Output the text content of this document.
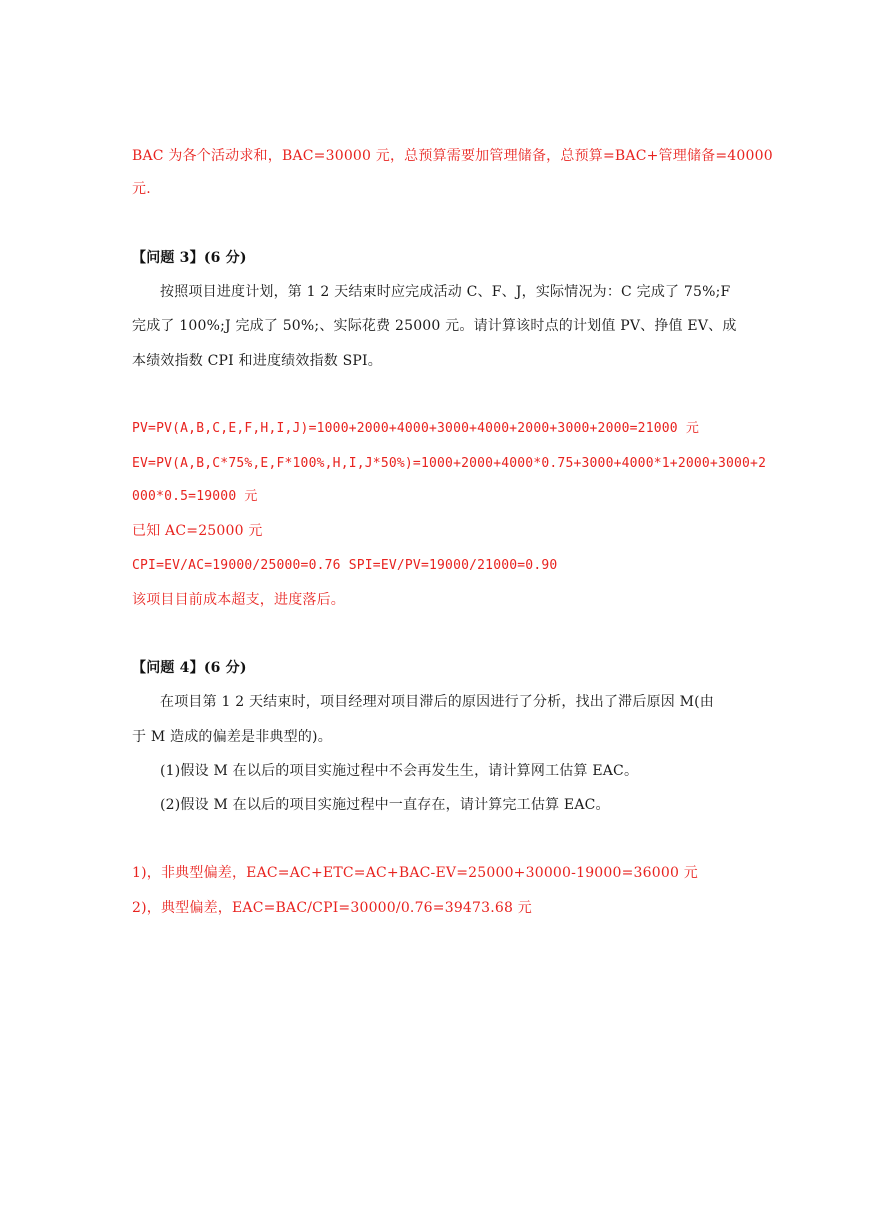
BAC 为各个活动求和，BAC=30000 元，总预算需要加管理储备，总预算=BAC+管理储备=40000
元.
【问题 3】(6 分)
按照项目进度计划，第 1 2 天结束时应完成活动 C、F、J，实际情况为：C 完成了 75%;F
完成了 100%;J 完成了 50%;、实际花费 25000 元。请计算该时点的计划值 PV、挣值 EV、成
本绩效指数 CPI 和进度绩效指数 SPI。
PV=PV(A,B,C,E,F,H,I,J)=1000+2000+4000+3000+4000+2000+3000+2000=21000 元
EV=PV(A,B,C*75%,E,F*100%,H,I,J*50%)=1000+2000+4000*0.75+3000+4000*1+2000+3000+2
000*0.5=19000 元
已知 AC=25000 元
CPI=EV/AC=19000/25000=0.76 SPI=EV/PV=19000/21000=0.90
该项目目前成本超支，进度落后。
【问题 4】(6 分)
在项目第 1 2 天结束时，项目经理对项目滞后的原因进行了分析，找出了滞后原因 M(由
于 M 造成的偏差是非典型的)。
(1)假设 M 在以后的项目实施过程中不会再发生生，请计算网工估算 EAC。
(2)假设 M 在以后的项目实施过程中一直存在，请计算完工估算 EAC。
1)，非典型偏差，EAC=AC+ETC=AC+BAC-EV=25000+30000-19000=36000 元
2)，典型偏差，EAC=BAC/CPI=30000/0.76=39473.68 元
